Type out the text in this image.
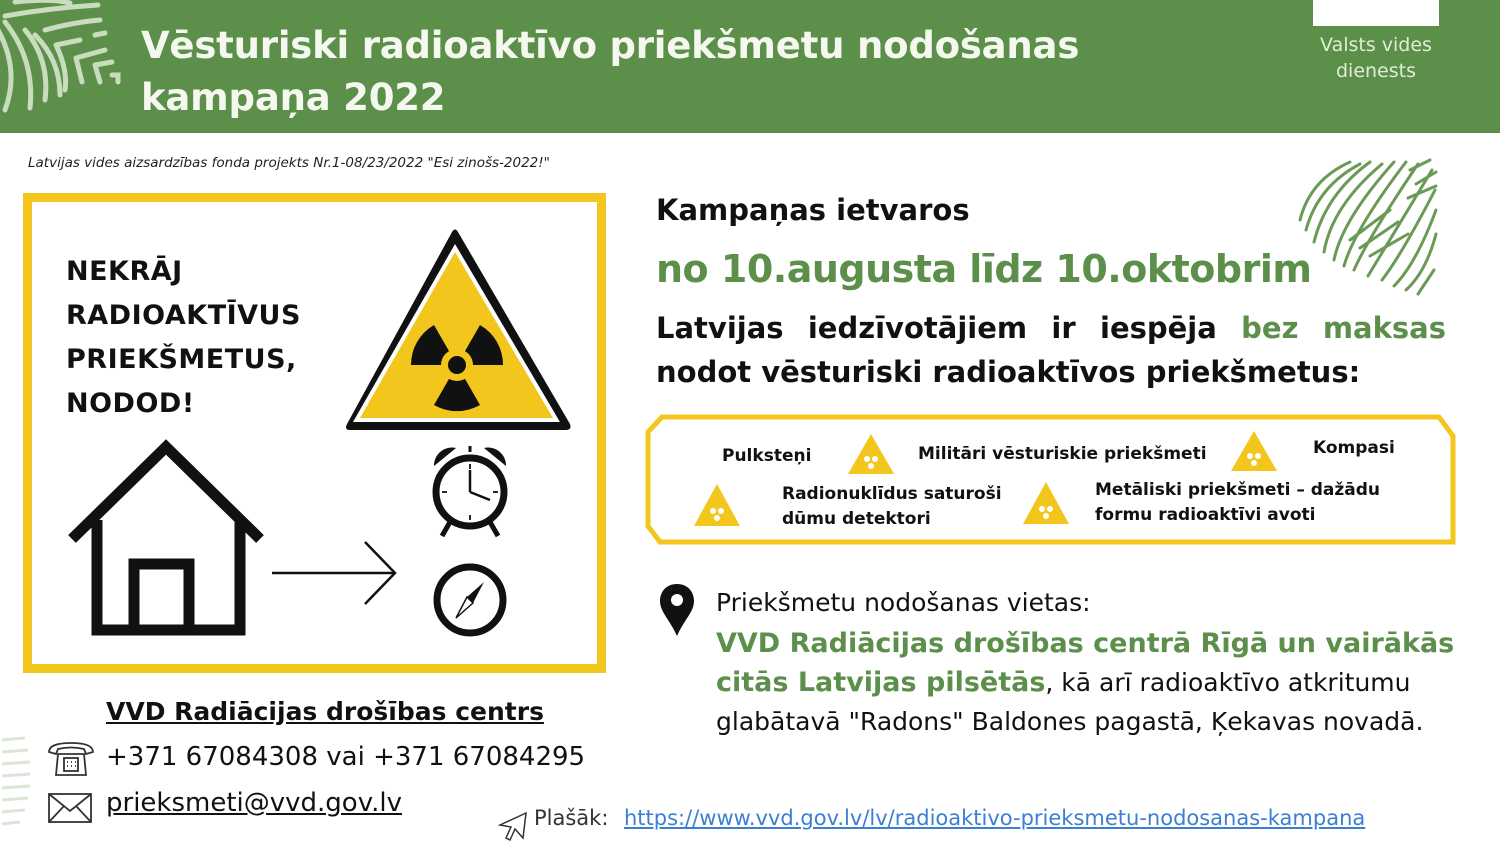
Vēsturiski radioaktīvo priekšmetu nodošanas
kampaņa 2022
Valsts vides
dienests
Latvijas vides aizsardzības fonda projekts Nr.1-08/23/2022 "Esi zinošs-2022!"
NEKRĀJ
RADIOAKTĪVUS
PRIEKŠMETUS,
NODOD!
Kampaņas ietvaros
no 10.augusta līdz 10.oktobrim
Latvijas iedzīvotājiem ir iespēja bez maksas nodot vēsturiski radioaktīvos priekšmetus:
Pulksteņi	Militāri vēsturiskie priekšmeti	Kompasi
Radionuklīdus saturoši
dūmu detektori
Metāliski priekšmeti – dažādu
formu radioaktīvi avoti
Priekšmetu nodošanas vietas:
VVD Radiācijas drošības centrā Rīgā un vairākās citās Latvijas pilsētās, kā arī radioaktīvo atkritumu glabātavā "Radons" Baldones pagastā, Ķekavas novadā.
VVD Radiācijas drošības centrs
+371 67084308 vai +371 67084295
prieksmeti@vvd.gov.lv	Plašāk: https://www.vvd.gov.lv/lv/radioaktivo-prieksmetu-nodosanas-kampana
